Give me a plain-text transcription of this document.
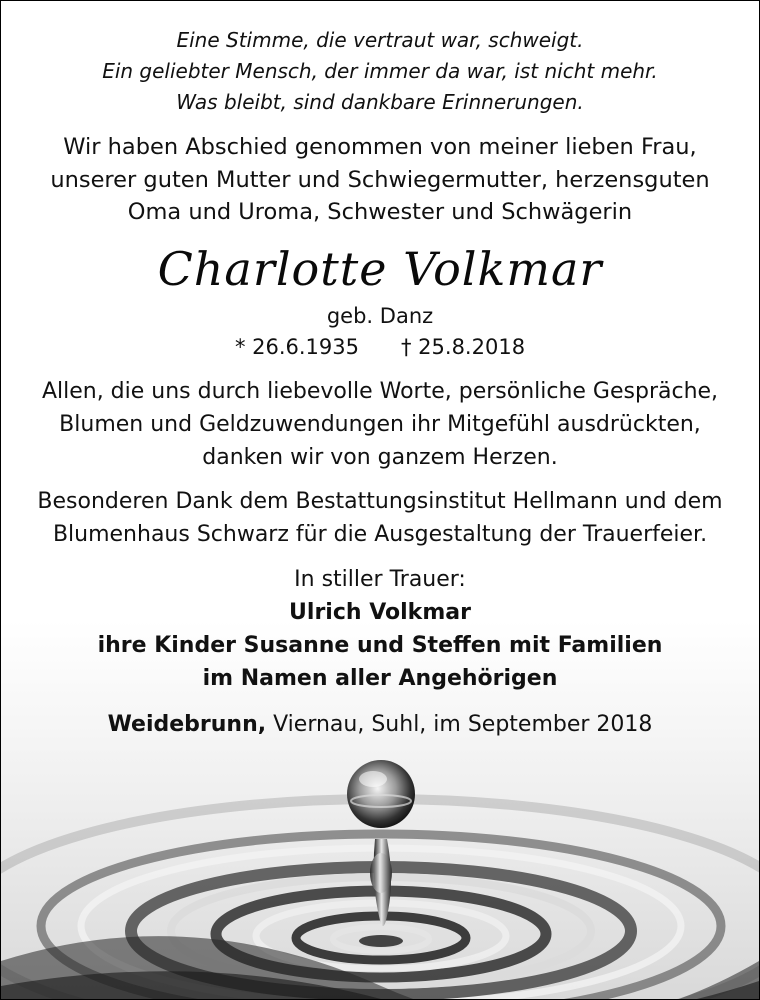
Eine Stimme, die vertraut war, schweigt.
Ein geliebter Mensch, der immer da war, ist nicht mehr.
Was bleibt, sind dankbare Erinnerungen.
Wir haben Abschied genommen von meiner lieben Frau,
unserer guten Mutter und Schwiegermutter, herzensguten
Oma und Uroma, Schwester und Schwägerin
Charlotte Volkmar
geb. Danz
* 26.6.1935 † 25.8.2018
Allen, die uns durch liebevolle Worte, persönliche Gespräche,
Blumen und Geldzuwendungen ihr Mitgefühl ausdrückten,
danken wir von ganzem Herzen.
Besonderen Dank dem Bestattungsinstitut Hellmann und dem
Blumenhaus Schwarz für die Ausgestaltung der Trauerfeier.
In stiller Trauer:
Ulrich Volkmar
ihre Kinder Susanne und Steffen mit Familien
im Namen aller Angehörigen
Weidebrunn, Viernau, Suhl, im September 2018
